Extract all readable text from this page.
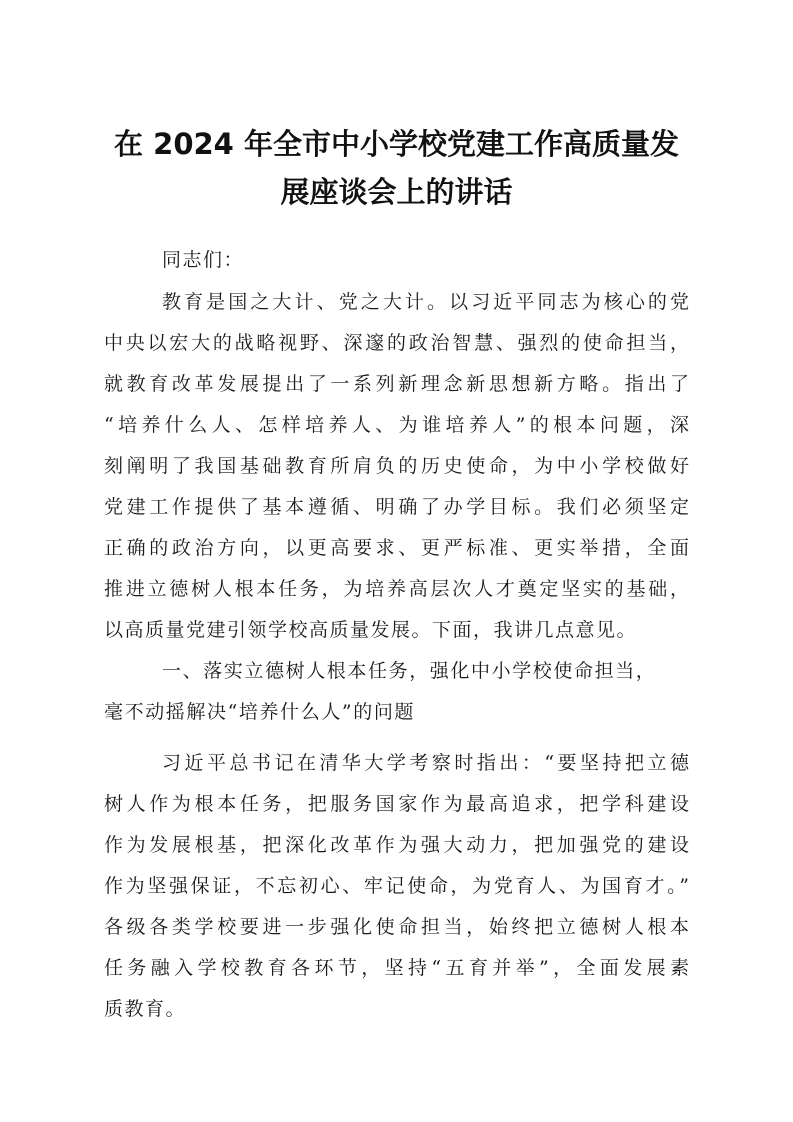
在 2024 年全市中小学校党建工作高质量发
展座谈会上的讲话

同志们：

教育是国之大计、党之大计。以习近平同志为核心的党

中央以宏大的战略视野、深邃的政治智慧、强烈的使命担当，

就教育改革发展提出了一系列新理念新思想新方略。指出了

“培养什么人、怎样培养人、为谁培养人”的根本问题，深

刻阐明了我国基础教育所肩负的历史使命，为中小学校做好

党建工作提供了基本遵循、明确了办学目标。我们必须坚定

正确的政治方向，以更高要求、更严标准、更实举措，全面

推进立德树人根本任务，为培养高层次人才奠定坚实的基础，

以高质量党建引领学校高质量发展。下面，我讲几点意见。

一、落实立德树人根本任务，强化中小学校使命担当，

毫不动摇解决“培养什么人”的问题

习近平总书记在清华大学考察时指出：“要坚持把立德

树人作为根本任务，把服务国家作为最高追求，把学科建设

作为发展根基，把深化改革作为强大动力，把加强党的建设

作为坚强保证，不忘初心、牢记使命，为党育人、为国育才。”

各级各类学校要进一步强化使命担当，始终把立德树人根本

任务融入学校教育各环节，坚持“五育并举”，全面发展素

质教育。
